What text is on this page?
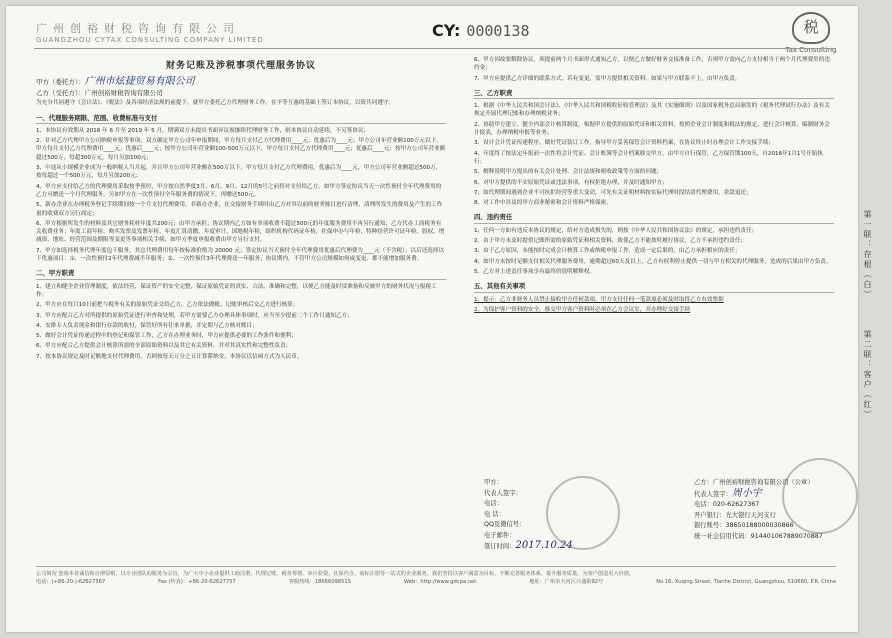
广州创裕财税咨询有限公司
GUANGZHOU CYTAX CONSULTING COMPANY LIMITED	CY: 0000138	税
Tax Consulting
财务记账及涉税事项代理服务协议
甲方（委托方）：广州市炫捷贸易有限公司
乙方（受托方）：广州创裕财税咨询有限公司

为充分共同遵守《会计法》、《税法》及各项经济法规的前提下，就甲方委托乙方代理财务工作，在平等互惠的基础上签订本协议，以资共同遵守。

一、代理服务期限、范围、收费标准与支付

1、本协议有效期从 2016 年 6 月至 2019 年 5 月，期满双方未提出书面异议视继续代理财务工作，则本协议自动延续，不另签协议；

2、针对乙方代理甲方公司纳税申报等事项，双方确定甲方公司年申报期间，甲方每月支付乙方代理费用____元；优惠后为____元；甲方公司年营业额100万元以下，甲方每月支付乙方代理费用____元；优惠后____元；按甲方公司年营业额100-500万元以下，甲方每月支付乙方代理费用____元；优惠后____元；按甲方公司年营业额超过500万，每超300万元，每月另加100元；

3、中途从小规模企业成为一般纳税人当月起，并且甲方公司年营业额在500万以下，甲方每月支付乙方代理费用，优惠后为____元，甲方公司年营业额超过500万，按每超过一个500万元，每月另加200元；

4、甲方应支付给乙方的代理费用采取按季预付，甲方按自然季度3月、6月、9月、12月的5号之前将对支付给乙方，如甲方签定协议当天一次性预付全年代理费用的乙方可赠送一个月代理服务，另如甲方在一次性预付全年服务费的情况下，再赠送500元。

5、新办企业在办理税务登记手续期间按一个月支付代理费用，非新办企业，在交接财务手续时由乙方对其以前的财务账目进行清理，清理所发生的费用及产生的工作量的收费双方另行商定；

6、甲方根据所发生的材料及其它财务耗材年度共200元；由甲方承担；协议期内乙方如有单项收费不超过500元的年度服务费用不再另行通知；乙方代办工商税务有关收费业务；年度工商年检，购买发票及发票年检，年度汇算清缴，年度审计，国地税年检，组织机构代码证年检，社保申办与年检，特种经营许可证年检，股权、增减资、地址、经营范围及期限等变更等事项相关手续，如甲方季度申报收费由甲方另行支付。

7、甲方如选择税务代理年度包干服务，其总代理费用每年按标准价格为 20000 元；签定协议当天预付全年代理费用优惠后代理费为____元（不含税）；以后还选择以下优惠项目：①、一次性预付2年代理费减半年服务；②、一次性预付3年代理费送一年服务；协议期内，不管甲方公司规模如何或变更，都不能增加服务费。

二、甲方职责

1、建立和健全企业管理制度，依法经营，保证资产的安全完整，保证原始凭证的真实、合法、准确和完整，以便乙方能及时赁准备和反映甲方的财务状况与报税工作；

2、甲方应在每月10日前把与税务有关的原始凭证交给乙方，乙方依法做帐，记帐审核后交乙方进行核算；

3、甲方应配合乙方对所提供的原始凭证进行审查和处理，若甲方需要乙方办理具体事项时，应当至少提前二个工作日通知乙方；

4、安排专人负责现金和银行存款的收付，保管好所有往来单据，并定期与乙方核对账目；

5、做好会计凭证传递过程中的登记和保管工作，乙方在办理业务时，甲方应提供必要的工作条件和便利；

6、甲方应配合乙方提供会计核算所需的全部原始资料以及其它有关资料，并对其真实性和完整性负责；

7、按本协议规定及时足额地支付代理费用，否则按每天万分之五计算滞纳金，本协议以信函方式为人民币。

6、甲方因故要解除协议，须提前两个月书面形式通知乙方，以便乙方做好财务交接准备工作，否则甲方需向乙方支付相当于两个月代理费用的违约金；

7、甲方应提供乙方详细的联系方式，若有变更，需甲方提供相关资料，如果与甲方联系不上，由甲方负责。

三、乙方职责

1、根据《中华人民共和国会计法》、《中华人民共和国税收征收管理法》及其《实施细则》以及国家税务总局颁发的《税务代理试行办法》及有关规定开展代理记账和办理纳税业务；

2、协助甲方建立、健全内部会计核算制度，根据甲方提供的原始凭证和相关资料，按照企业会计制度和税法的规定，进行会计核算，编制财务会计报表，办理纳税申报等业务；

3、设计会计凭证传递程序，做好凭证装订工作，指导甲方妥善保管会计资料档案，在协议终止时办理会计工作交接手续；

4、年度终了按法定年报前一次性将会计凭证、会计账簿等会计档案移交甲方，由甲方自行保管，乙方保管期100天，自2016年1月1号开始执行；

5、解释说明甲方提出的有关会计处理、会计法规和税收政策等方面的问题；

6、对甲方提供的不实原始凭证或违法事项，有权拒绝办理，并及时通知甲方；

7、如代理期间遇到企业不可抗拒经营等重大变动，可先有关证明材料按实际代理时段结清代理费用，余款退还；

8、对工作中涉及的甲方商业秘密和会计资料严格保密。

四、违约责任

1、任何一方如有违反本协议的规定，给对方造成损失的，则按《中华人民共和国协议法》的规定，承担违约责任；

2、由于甲方未及时提供记账所需的原始凭证和相关资料，致使乙方不能按时履行协议，乙方不承担违约责任；

3、由于乙方原因，未能按时完成会计核算工作或纳税申报工作，造成一定后果的，由乙方承担相应的责任；

4、如甲方未按时足额支付相关代理服务费用，逾期超过60天及以上，乙方有权利停止提供一切与甲方相关的代理服务，造成的后果由甲方负责。

5、乙方对上述责任事项享有最终的说明解释权。

五、其他有关事项

1、提示：乙方非财务人员禁止接收甲方任何款项，甲方支付任何一笔款项必须及时取得乙方有效票据

2、为保护客户资料的安全，移交甲方客户资料时必须在乙方会议室，并办理好交接手续

甲方：
代表人签字：
电话：
电 话：
QQ及微信号：
电子邮件：
签订时间：2017.10.24
乙方：广州创裕财税咨询有限公司（公章）
代表人签字：周小宇
电话：020-62627367
开户银行：光大银行天河支行
银行账号：38650188000030866
统一社会信用代码：914401067889070887
公司简况 创裕本着诚信和自律原则，以专业团队的服务为宗旨，为广大中小企业提供工商注册、代理记账、税务筹划、审计验资、社保代办、商标注册等一站式的企业服务。我们坚持以客户满意为目标，不断完善服务体系，提升服务质量，为客户创造更大价值。
电话：(+86-20-)-62627367	Fax (传真)：+86-20-62627757	客服热线：18666098515	Web：http://www.gdcpa.net	地址：广州市天河区兴盛街92号	No.16, Xuqing Street, Tianhe District, Guangzhou, 510660, P.R. China
第一联：存根（白）
第二联：客户（红）
